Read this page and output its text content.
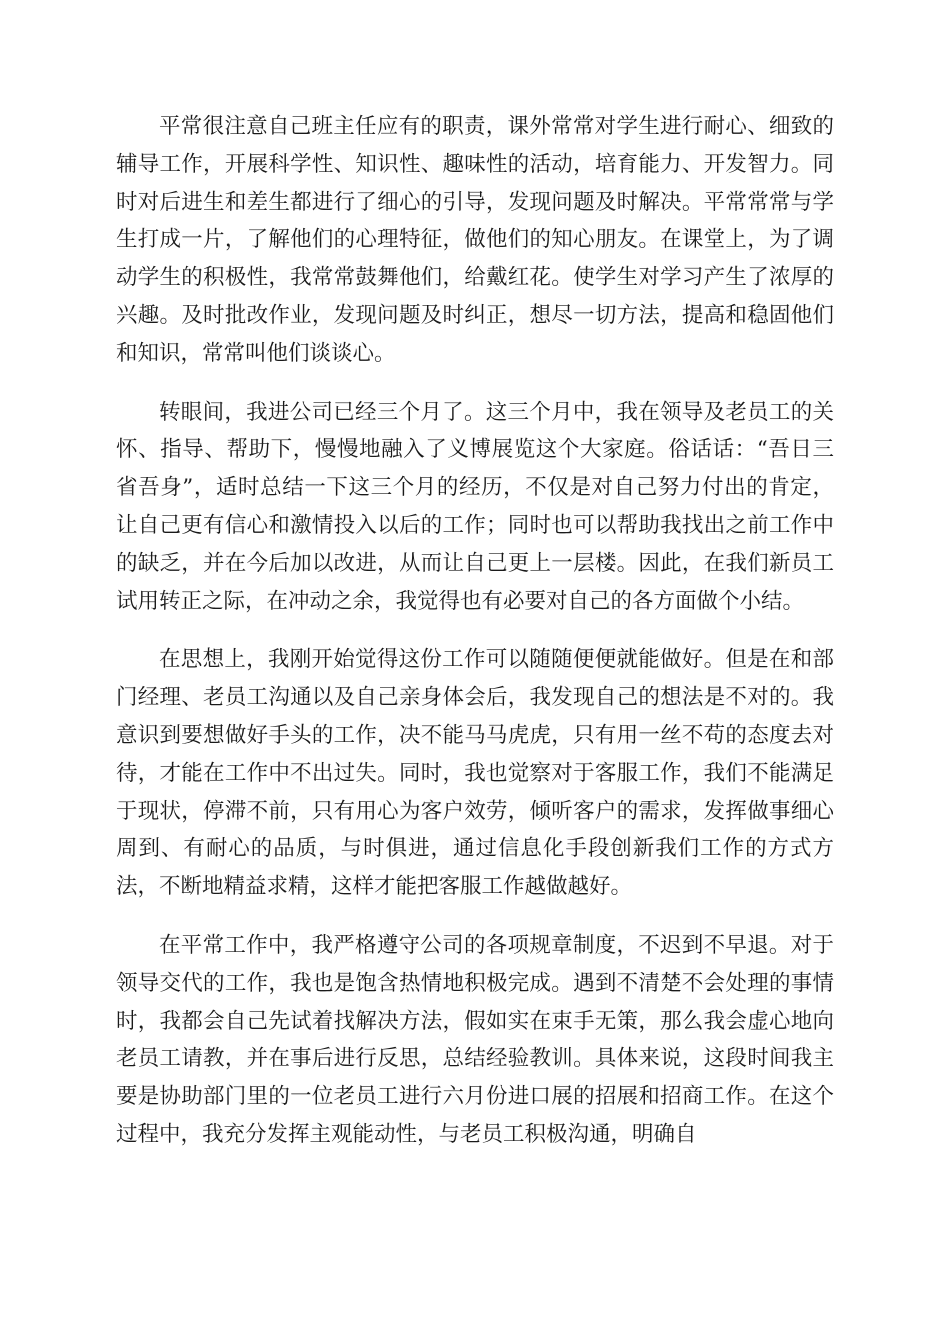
平常很注意自己班主任应有的职责，课外常常对学生进行耐心、细致的辅导工作，开展科学性、知识性、趣味性的活动，培育能力、开发智力。同时对后进生和差生都进行了细心的引导，发现问题及时解决。平常常常与学生打成一片，了解他们的心理特征，做他们的知心朋友。在课堂上，为了调动学生的积极性，我常常鼓舞他们，给戴红花。使学生对学习产生了浓厚的兴趣。及时批改作业，发现问题及时纠正，想尽一切方法，提高和稳固他们和知识，常常叫他们谈谈心。

转眼间，我进公司已经三个月了。这三个月中，我在领导及老员工的关怀、指导、帮助下，慢慢地融入了义博展览这个大家庭。俗话话：“吾日三省吾身”，适时总结一下这三个月的经历，不仅是对自己努力付出的肯定，让自己更有信心和激情投入以后的工作；同时也可以帮助我找出之前工作中的缺乏，并在今后加以改进，从而让自己更上一层楼。因此，在我们新员工试用转正之际，在冲动之余，我觉得也有必要对自己的各方面做个小结。

在思想上，我刚开始觉得这份工作可以随随便便就能做好。但是在和部门经理、老员工沟通以及自己亲身体会后，我发现自己的想法是不对的。我意识到要想做好手头的工作，决不能马马虎虎，只有用一丝不苟的态度去对待，才能在工作中不出过失。同时，我也觉察对于客服工作，我们不能满足于现状，停滞不前，只有用心为客户效劳，倾听客户的需求，发挥做事细心周到、有耐心的品质，与时俱进，通过信息化手段创新我们工作的方式方法，不断地精益求精，这样才能把客服工作越做越好。

在平常工作中，我严格遵守公司的各项规章制度，不迟到不早退。对于领导交代的工作，我也是饱含热情地积极完成。遇到不清楚不会处理的事情时，我都会自己先试着找解决方法，假如实在束手无策，那么我会虚心地向老员工请教，并在事后进行反思，总结经验教训。具体来说，这段时间我主要是协助部门里的一位老员工进行六月份进口展的招展和招商工作。在这个过程中，我充分发挥主观能动性，与老员工积极沟通，明确自
